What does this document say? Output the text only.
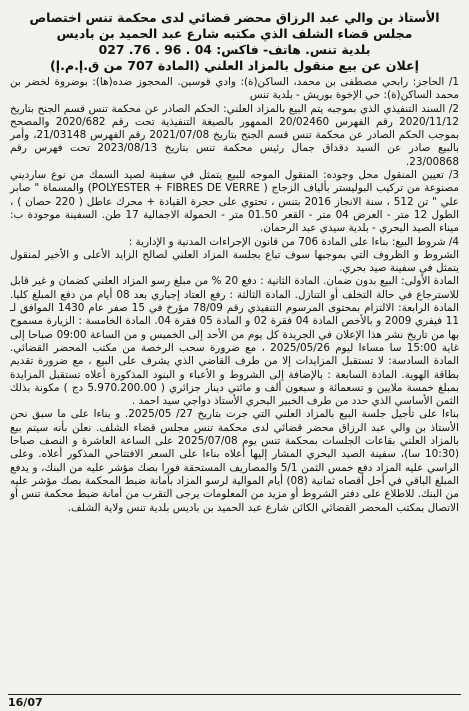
الأستاذ بن والي عبد الرزاق محضر قضائي لدى محكمة تنس اختصاص
مجلس قضاء الشلف الذي مكتبه شارع عبد الحميد بن باديس
بلدية تنس. هاتف- فاكس: 04 . 96 . 76. 027
إعلان عن بيع منقول بالمزاد العلني (المادة 707 من ق.إ.م.إ)

1/ الحاجز: رابحي مصطفى بن محمد، الساكن(ة): وادي قوسين. المحجوز ضده(ها): بوضروة لخضر بن محمد الساكن(ة): حي الإخوة بوريش - بلدية تنس

2/ السند التنفيذي الذي بموجبه يتم البيع بالمزاد العلني: الحكم الصادر عن محكمة تنس قسم الجنح بتاريخ 2020/11/12 رقم الفهرس 20/02460 الممهور بالصيغة التنفيذية تحت رقم 2020/682 والمصحح بموجب الحكم الصادر عن محكمة تنس قسم الجنح بتاريخ 2021/07/08 رقم الفهرس 21/03148، وأمر بالبيع صادر عن السيد دقداق جمال رئيس محكمة تنس بتاريخ 2023/08/13 تحت فهرس رقم 23/00868.

3/ تعيين المنقول محل وجوده: المنقول الموجه للبيع يتمثل في سفينة لصيد السمك من نوع سارديني مصنوعة من تركيب البوليستر بألياف الزجاج ( POLYESTER + FIBRES DE VERRE) والمسماة " صابر علي " تن 512 ، سنة الانجاز 2016 بتنس ، تحتوي على حجرة القيادة + محرك عاطل ( 220 حصان ) ، الطول 12 متر - العرض 04 متر - القعر 01.50 متر - الحمولة الاجمالية 17 طن. السفينة موجودة ب: ميناء الصيد البحري - بلدية سيدي عبد الرحمان.

4/ شروط البيع: بناءا على المادة 706 من قانون الإجراءات المدنية و الإدارية :

الشروط و الظروف التي بموجبها سوف تباع بجلسة المزاد العلني لصالح الزايد الأعلى و الأخير لمنقول يتمثل في سفينة صيد بحري.

المادة الأولى: البيع بدون ضمان. المادة الثانية : دفع 20 % من مبلغ رسو المزاد العلني كضمان و غير قابل للاسترجاع في حالة التخلف أو التنازل. المادة الثالثة : رفع العتاد إجباري بعد 08 أيام من دفع المبلغ كليا. المادة الرابعة: الالتزام بمحتوى المرسوم التنفيذي رقم 78/09 مؤرخ في 15 صفر عام 1430 الموافق لـ 11 فيفري 2009 و بالأخص المادة 04 فقرة 02 و المادة 05 فقرة 04. المادة الخامسة : الزيارة مسموح بها من تاريخ نشر هذا الإعلان في الجريدة كل يوم من الأحد إلى الخميس و من الساعة 09:00 صباحا إلى غاية 15:00 سا مساءا ليوم 2025/05/26 ، مع ضرورة سحب الرخصة من مكتب المحضر القضائي. المادة السادسة: لا تستقبل المزايدات إلا من طرف القاضي الذي يشرف على البيع ، مع ضرورة تقديم بطاقة الهوية. المادة السابعة : بالإضافة إلى الشروط و الأعباء و البنود المذكورة أعلاه تستقبل المزايدة بمبلغ خمسة ملايين و تسعمائة و سبعون ألف و مائتي دينار جزائري ( 5.970.200.00 دج ) مكونة بذلك الثمن الأساسي الذي حدد من طرف الخبير البحري الأستاذ دواجي سيد احمد .

بناءا على تأجيل جلسة البيع بالمزاد العلني التي جرت بتاريخ 27/ 2025/05. و بناءا على ما سبق نحن الأستاذ بن والي عبد الرزاق محضر قضائي لدى محكمة تنس مجلس قضاء الشلف. نعلن بأنه سيتم بيع بالمزاد العلني بقاعات الجلسات بمحكمة تنس يوم 2025/07/08 على الساعة العاشرة و النصف صباحا (10:30 سا)، سفينة الصيد البحري المشار إليها أعلاه بناءا على السعر الافتتاحي المذكور أعلاه. وعلى الراسي عليه المزاد دفع خمس الثمن 5/1 والمصاريف المستحقة فورا بصك مؤشر عليه من البنك، و يدفع المبلغ الباقي في أجل أقصاه ثمانية (08) أيام الموالية لرسو المزاد بأمانة ضبط المحكمة بصك مؤشر عليه من البنك. للاطلاع على دفتر الشروط أو مزيد من المعلومات يرجى التقرب من أمانة ضبط محكمة تنس أو الاتصال بمكتب المحضر القضائي الكائن شارع عبد الحميد بن باديس بلدية تنس ولاية الشلف.

16/07
